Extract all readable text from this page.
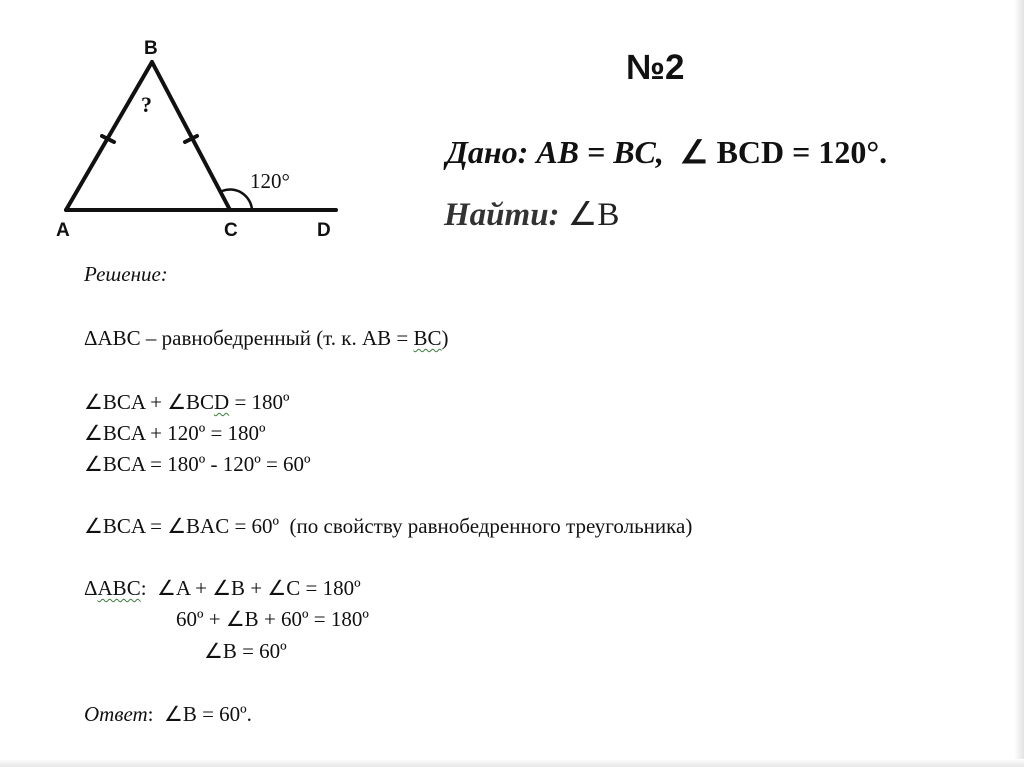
B
A	C	D
120°
?
№2
Дано: AB = BC, ∠ BCD = 120°.
Найти: ∠B
Решение:
ΔABC – равнобедренный (т. к. AB = BC)
∠BCA + ∠BCD = 180º
∠BCA + 120º = 180º
∠BCA = 180º - 120º = 60º
∠BCA = ∠BAC = 60º  (по свойству равнобедренного треугольника)
ΔABC:  ∠A + ∠B + ∠C = 180º
60º + ∠B + 60º = 180º
∠B = 60º
Ответ:  ∠B = 60º.
